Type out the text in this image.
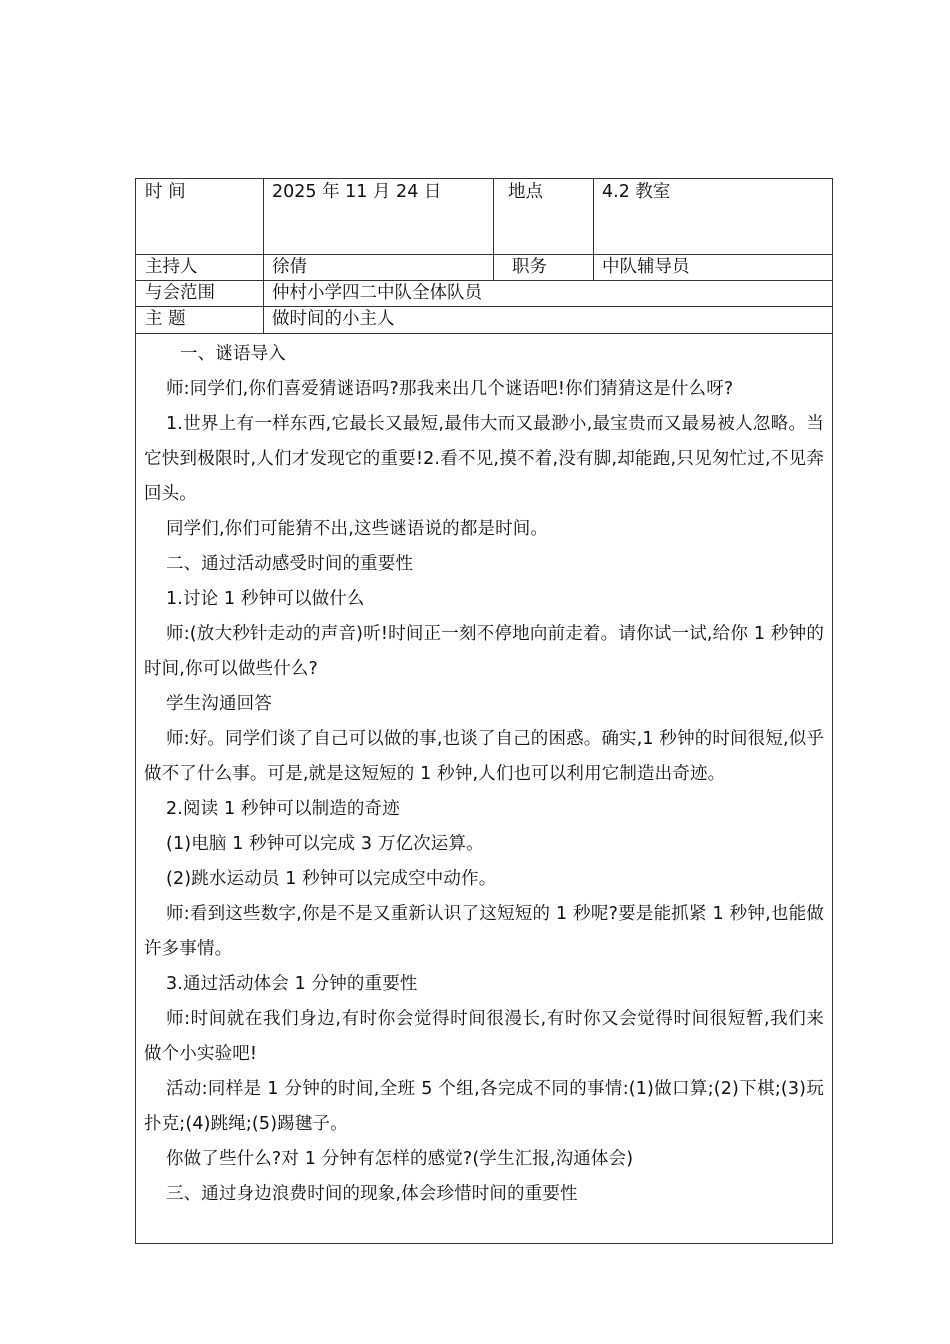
时 间	2025 年 11 月 24 日	地点	4.2 教室
主持人	徐倩	职务	中队辅导员
与会范围	仲村小学四二中队全体队员
主 题	做时间的小主人

一、谜语导入

师:同学们,你们喜爱猜谜语吗?那我来出几个谜语吧!你们猜猜这是什么呀?

1.世界上有一样东西,它最长又最短,最伟大而又最渺小,最宝贵而又最易被人忽略。当它快到极限时,人们才发现它的重要!2.看不见,摸不着,没有脚,却能跑,只见匆忙过,不见奔回头。

同学们,你们可能猜不出,这些谜语说的都是时间。

二、通过活动感受时间的重要性

1.讨论 1 秒钟可以做什么

师:(放大秒针走动的声音)听!时间正一刻不停地向前走着。请你试一试,给你 1 秒钟的时间,你可以做些什么?

学生沟通回答

师:好。同学们谈了自己可以做的事,也谈了自己的困惑。确实,1 秒钟的时间很短,似乎做不了什么事。可是,就是这短短的 1 秒钟,人们也可以利用它制造出奇迹。

2.阅读 1 秒钟可以制造的奇迹

(1)电脑 1 秒钟可以完成 3 万亿次运算。

(2)跳水运动员 1 秒钟可以完成空中动作。

师:看到这些数字,你是不是又重新认识了这短短的 1 秒呢?要是能抓紧 1 秒钟,也能做许多事情。

3.通过活动体会 1 分钟的重要性

师:时间就在我们身边,有时你会觉得时间很漫长,有时你又会觉得时间很短暂,我们来做个小实验吧!

活动:同样是 1 分钟的时间,全班 5 个组,各完成不同的事情:(1)做口算;(2)下棋;(3)玩扑克;(4)跳绳;(5)踢毽子。

你做了些什么?对 1 分钟有怎样的感觉?(学生汇报,沟通体会)

三、通过身边浪费时间的现象,体会珍惜时间的重要性
